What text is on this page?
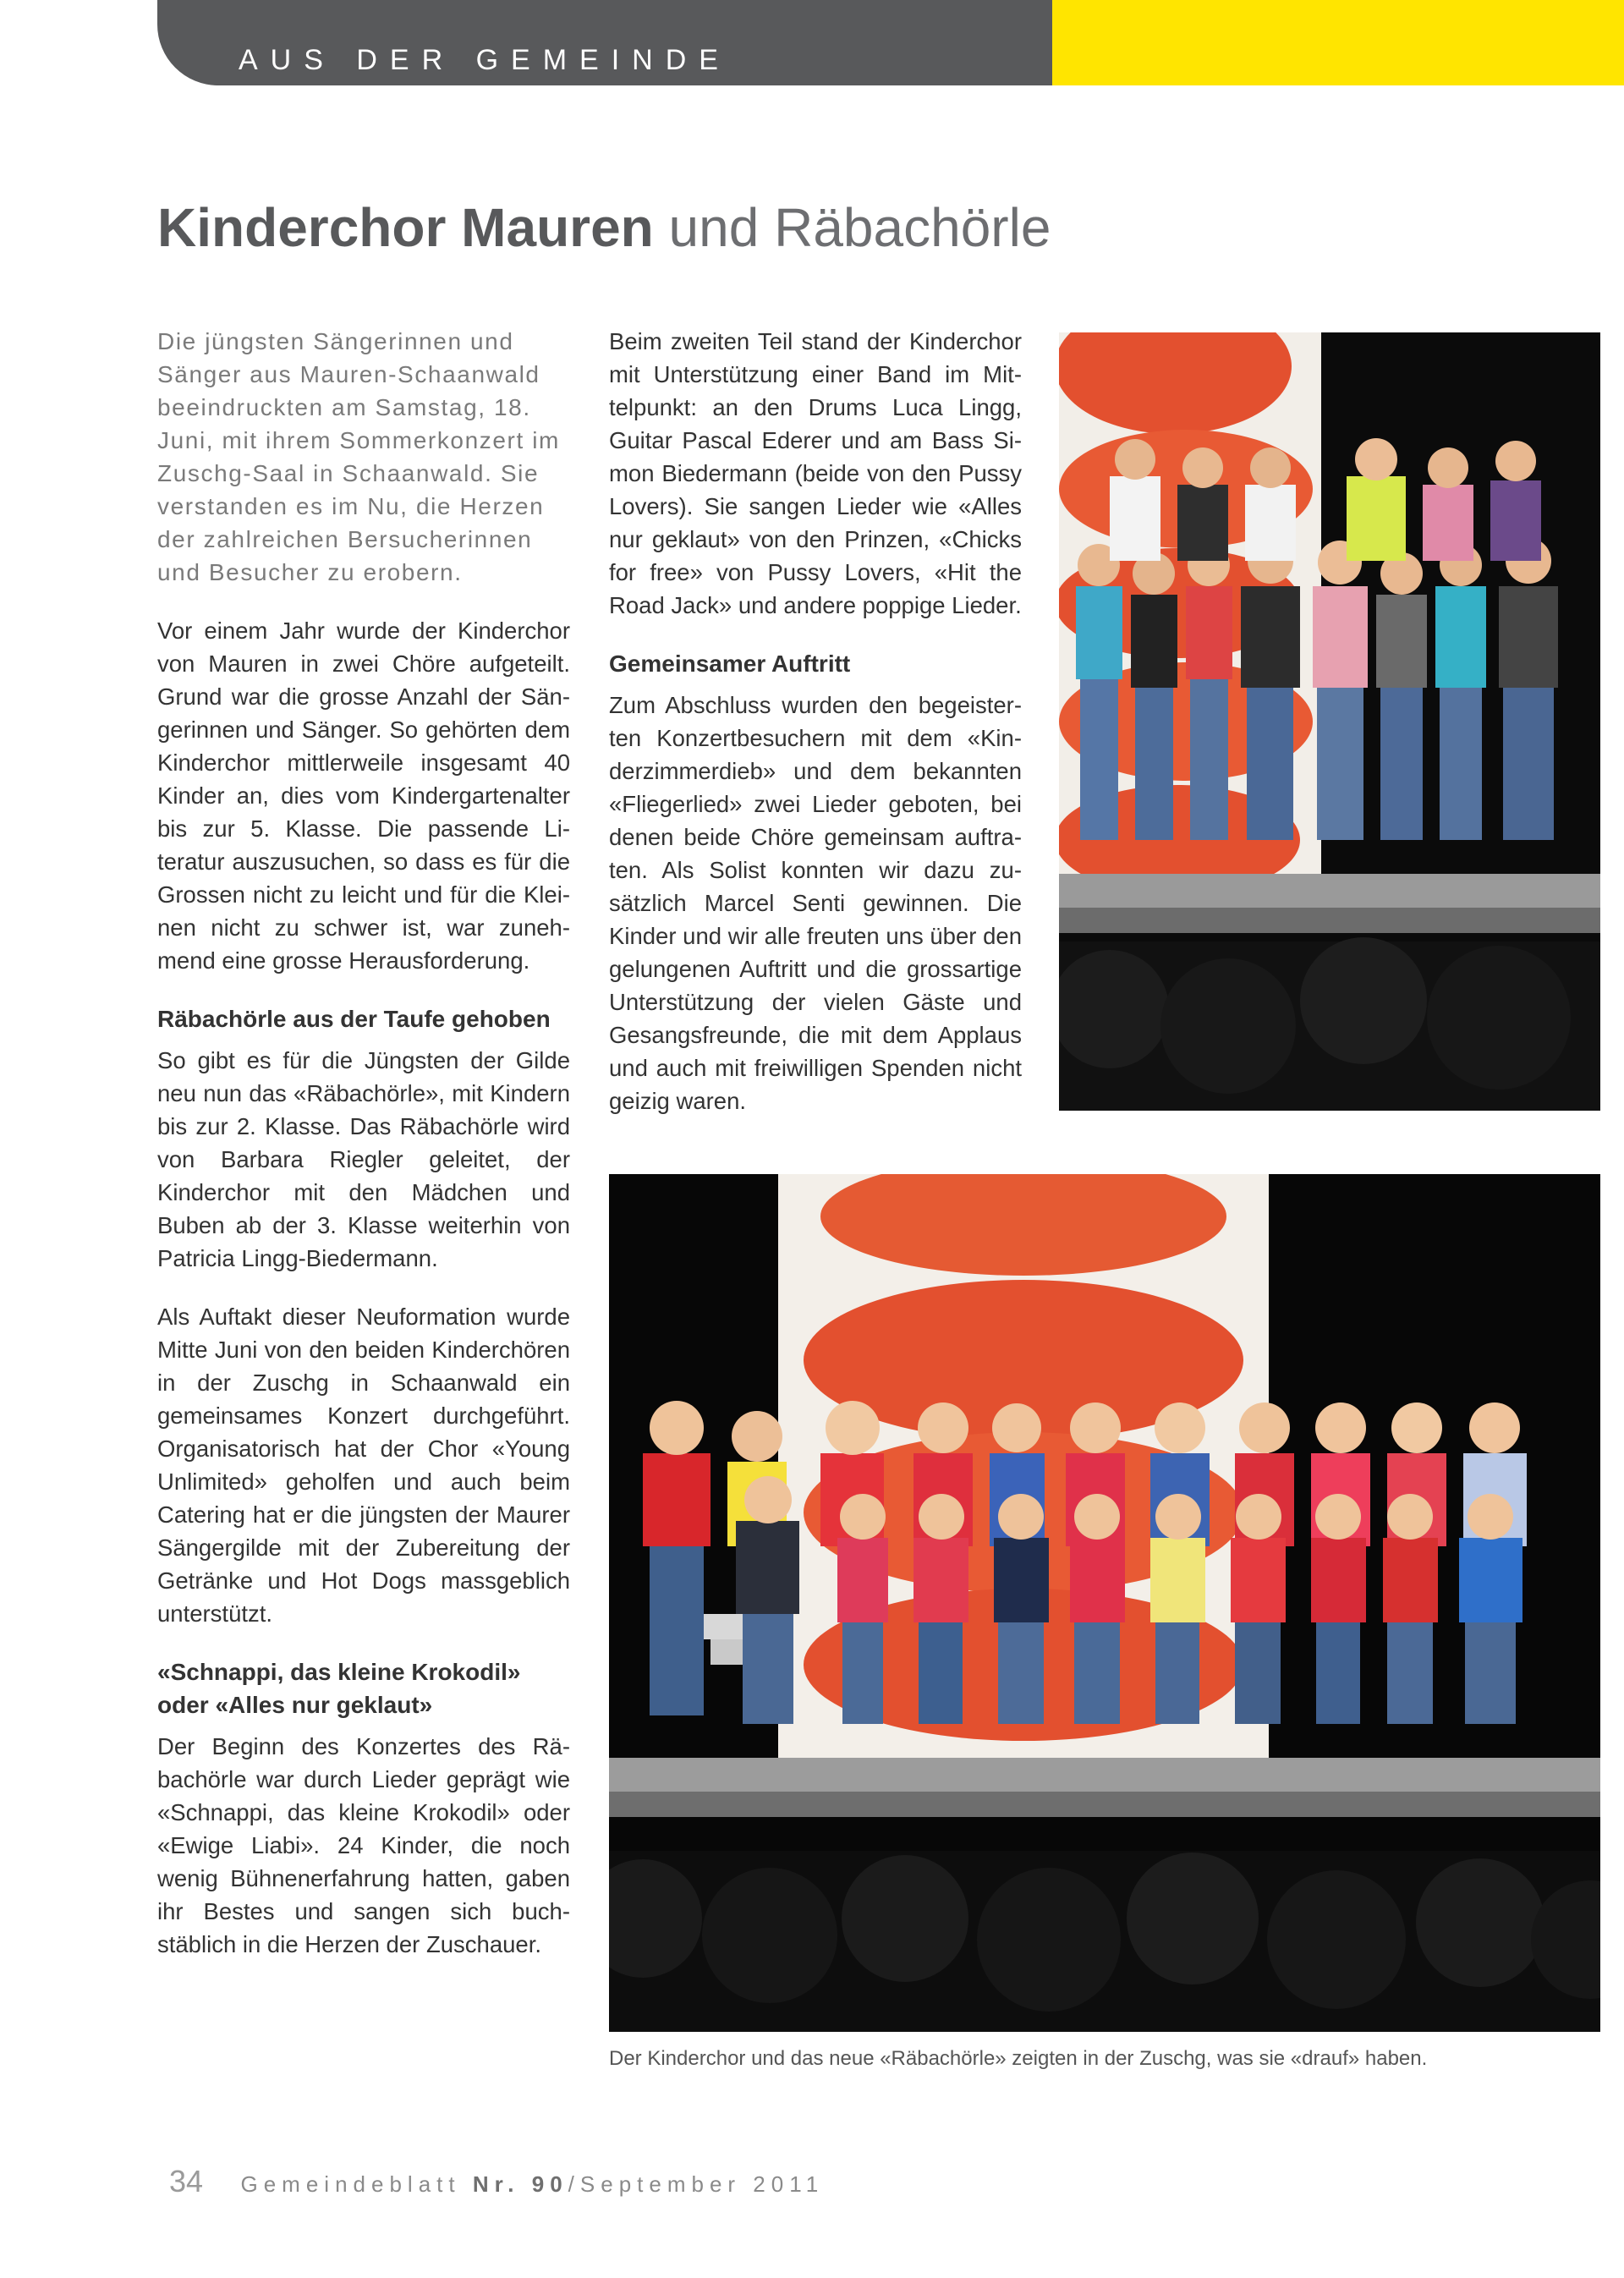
AUS DER GEMEINDE
Kinderchor Mauren und Räbachörle

Die jüngsten Sängerinnen und Sänger aus Mauren-Schaanwald beeindruckten am Samstag, 18. Juni, mit ihrem Sommerkonzert im Zuschg-Saal in Schaanwald. Sie verstanden es im Nu, die Herzen der zahlreichen Bersucherinnen und Besucher zu erobern.

Vor einem Jahr wurde der Kinderchor von Mauren in zwei Chöre aufgeteilt. Grund war die grosse Anzahl der Sängerinnen und Sänger. So gehörten dem Kinderchor mittlerweile insgesamt 40 Kinder an, dies vom Kindergartenalter bis zur 5. Klasse. Die passende Literatur auszusuchen, so dass es für die Grossen nicht zu leicht und für die Kleinen nicht zu schwer ist, war zunehmend eine grosse Herausforderung.

Räbachörle aus der Taufe gehoben

So gibt es für die Jüngsten der Gilde neu nun das «Räbachörle», mit Kindern bis zur 2. Klasse. Das Räbachörle wird von Barbara Riegler geleitet, der Kinderchor mit den Mädchen und Buben ab der 3. Klasse weiterhin von Patricia Lingg-Biedermann.

Als Auftakt dieser Neuformation wurde Mitte Juni von den beiden Kinderchören in der Zuschg in Schaanwald ein gemeinsames Konzert durchgeführt. Organisatorisch hat der Chor «Young Unlimited» geholfen und auch beim Catering hat er die jüngsten der Maurer Sängergilde mit der Zubereitung der Getränke und Hot Dogs massgeblich unterstützt.

«Schnappi, das kleine Krokodil» oder «Alles nur geklaut»

Der Beginn des Konzertes des Räbachörle war durch Lieder geprägt wie «Schnappi, das kleine Krokodil» oder «Ewige Liabi». 24 Kinder, die noch wenig Bühnenerfahrung hatten, gaben ihr Bestes und sangen sich buchstäblich in die Herzen der Zuschauer.

Beim zweiten Teil stand der Kinderchor mit Unterstützung einer Band im Mittelpunkt: an den Drums Luca Lingg, Guitar Pascal Ederer und am Bass Simon Biedermann (beide von den Pussy Lovers). Sie sangen Lieder wie «Alles nur geklaut» von den Prinzen, «Chicks for free» von Pussy Lovers, «Hit the Road Jack» und andere poppige Lieder.

Gemeinsamer Auftritt

Zum Abschluss wurden den begeisterten Konzertbesuchern mit dem «Kinderzimmerdieb» und dem bekannten «Fliegerlied» zwei Lieder geboten, bei denen beide Chöre gemeinsam auftraten. Als Solist konnten wir dazu zusätzlich Marcel Senti gewinnen. Die Kinder und wir alle freuten uns über den gelungenen Auftritt und die grossartige Unterstützung der vielen Gäste und Gesangsfreunde, die mit dem Applaus und auch mit freiwilligen Spenden nicht geizig waren.

Der Kinderchor und das neue «Räbachörle» zeigten in der Zuschg, was sie «drauf» haben.
34 Gemeindeblatt Nr. 90/September 2011
